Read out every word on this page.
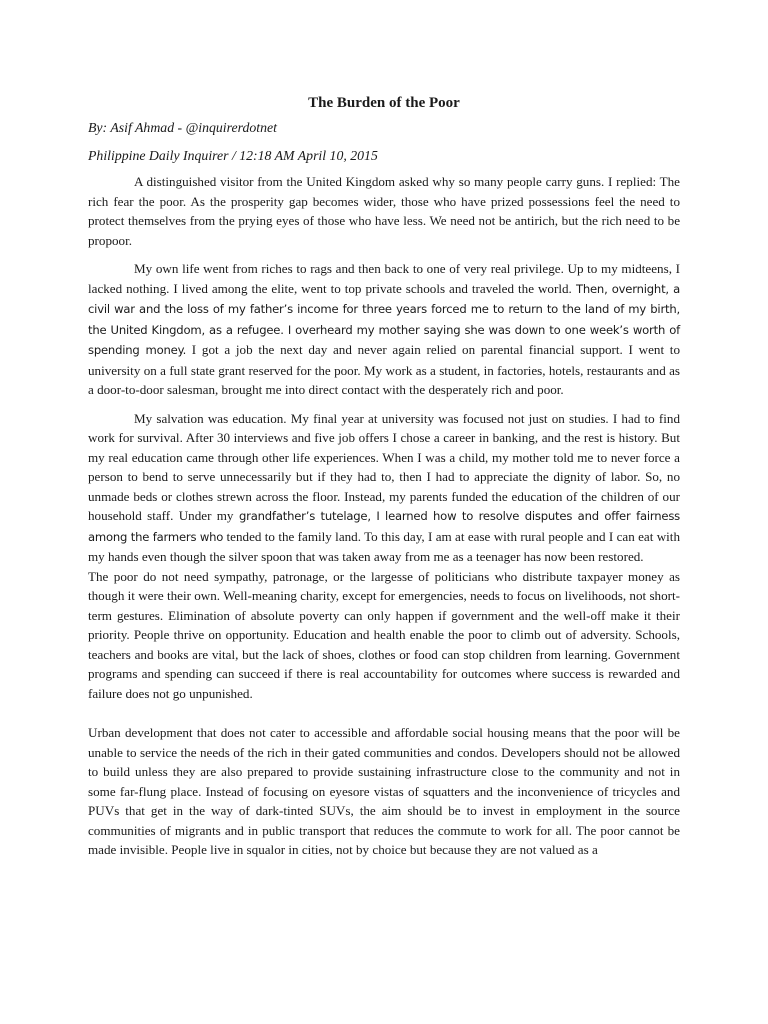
The Burden of the Poor
By: Asif Ahmad - @inquirerdotnet
Philippine Daily Inquirer / 12:18 AM April 10, 2015

A distinguished visitor from the United Kingdom asked why so many people carry guns. I replied: The rich fear the poor. As the prosperity gap becomes wider, those who have prized possessions feel the need to protect themselves from the prying eyes of those who have less. We need not be antirich, but the rich need to be propoor.

My own life went from riches to rags and then back to one of very real privilege. Up to my midteens, I lacked nothing. I lived among the elite, went to top private schools and traveled the world. Then, overnight, a civil war and the loss of my father’s income for three years forced me to return to the land of my birth, the United Kingdom, as a refugee. I overheard my mother saying she was down to one week’s worth of spending money. I got a job the next day and never again relied on parental financial support. I went to university on a full state grant reserved for the poor. My work as a student, in factories, hotels, restaurants and as a door-to-door salesman, brought me into direct contact with the desperately rich and poor.

My salvation was education. My final year at university was focused not just on studies. I had to find work for survival. After 30 interviews and five job offers I chose a career in banking, and the rest is history. But my real education came through other life experiences. When I was a child, my mother told me to never force a person to bend to serve unnecessarily but if they had to, then I had to appreciate the dignity of labor. So, no unmade beds or clothes strewn across the floor. Instead, my parents funded the education of the children of our household staff. Under my grandfather’s tutelage, I learned how to resolve disputes and offer fairness among the farmers who tended to the family land. To this day, I am at ease with rural people and I can eat with my hands even though the silver spoon that was taken away from me as a teenager has now been restored.

The poor do not need sympathy, patronage, or the largesse of politicians who distribute taxpayer money as though it were their own. Well-meaning charity, except for emergencies, needs to focus on livelihoods, not short-term gestures. Elimination of absolute poverty can only happen if government and the well-off make it their priority. People thrive on opportunity. Education and health enable the poor to climb out of adversity. Schools, teachers and books are vital, but the lack of shoes, clothes or food can stop children from learning. Government programs and spending can succeed if there is real accountability for outcomes where success is rewarded and failure does not go unpunished.

Urban development that does not cater to accessible and affordable social housing means that the poor will be unable to service the needs of the rich in their gated communities and condos. Developers should not be allowed to build unless they are also prepared to provide sustaining infrastructure close to the community and not in some far-flung place. Instead of focusing on eyesore vistas of squatters and the inconvenience of tricycles and PUVs that get in the way of dark-tinted SUVs, the aim should be to invest in employment in the source communities of migrants and in public transport that reduces the commute to work for all. The poor cannot be made invisible. People live in squalor in cities, not by choice but because they are not valued as a
